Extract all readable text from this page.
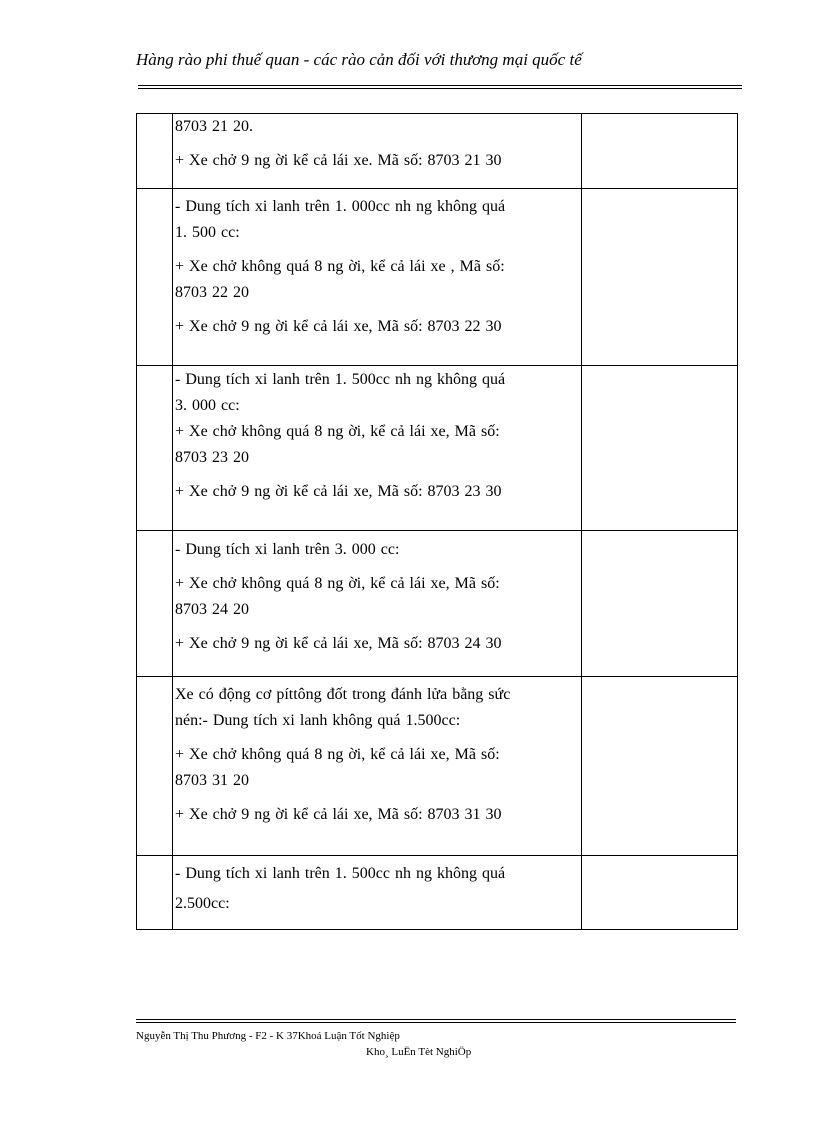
Hàng rào phi thuế quan - các rào cản đối với thương mại quốc tế

	8703 21 20.
+ Xe chở 9 ng ời kể cả lái xe. Mã số: 8703 21 30	

	- Dung tích xi lanh trên 1. 000cc nh ng không quá
1. 500 cc:
+ Xe chở không quá 8 ng ời, kể cả lái xe , Mã số:
8703 22 20
+ Xe chở 9 ng ời kể cả lái xe, Mã số: 8703 22 30	

	- Dung tích xi lanh trên 1. 500cc nh ng không quá
3. 000 cc:
+ Xe chở không quá 8 ng ời, kể cả lái xe, Mã số:
8703 23 20
+ Xe chở 9 ng ời kể cả lái xe, Mã số: 8703 23 30	

	- Dung tích xi lanh trên 3. 000 cc:
+ Xe chở không quá 8 ng ời, kể cả lái xe, Mã số:
8703 24 20
+ Xe chở 9 ng ời kể cả lái xe, Mã số: 8703 24 30	

	Xe có động cơ píttông đốt trong đánh lửa bằng sức
nén:- Dung tích xi lanh không quá 1.500cc:
+ Xe chở không quá 8 ng ời, kể cả lái xe, Mã số:
8703 31 20
+ Xe chở 9 ng ời kể cả lái xe, Mã số: 8703 31 30	

	- Dung tích xi lanh trên 1. 500cc nh ng không quá
2.500cc:	

Nguyễn Thị Thu Phương - F2 - K 37Khoá Luận Tốt Nghiệp
Kho¸ LuËn Tèt NghiÖp
